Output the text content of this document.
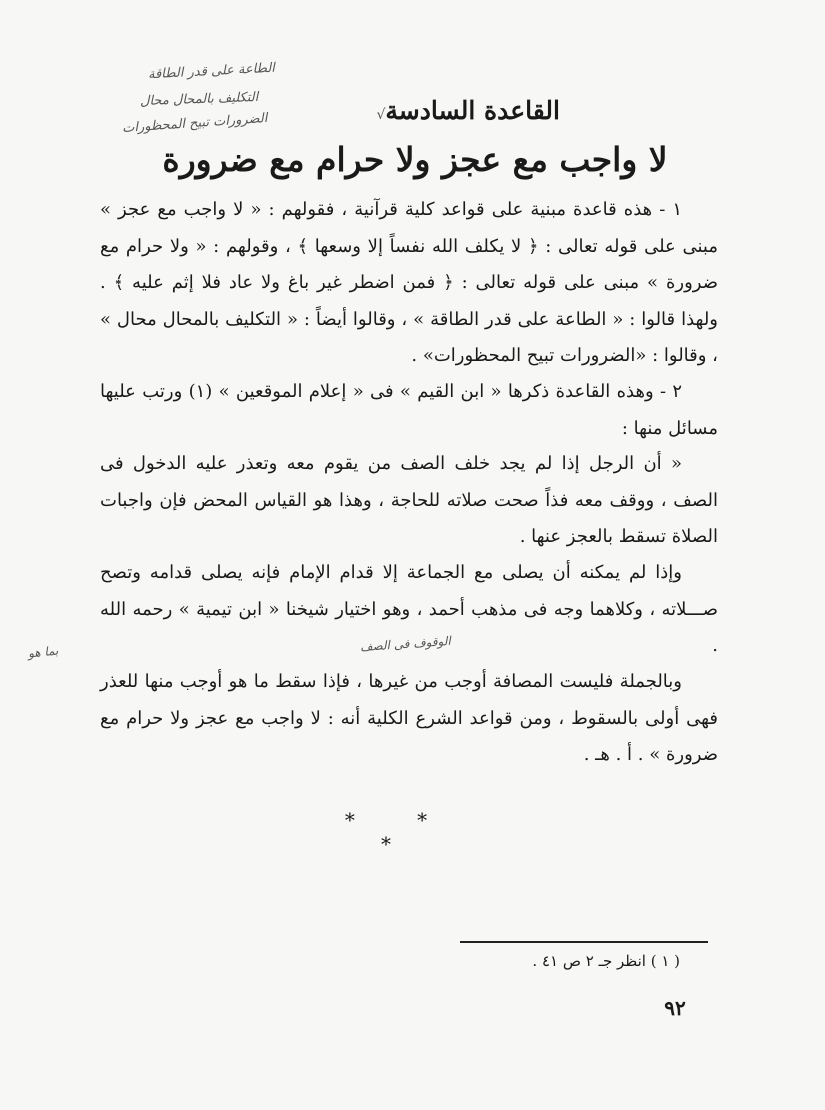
الطاعة على قدر الطاقة
التكليف بالمحال محال
الضرورات تبيح المحظورات	القاعدة السادسة√
لا واجب مع عجز ولا حرام مع ضرورة
١ - هذه قاعدة مبنية على قواعد كلية قرآنية ، فقولهم : « لا واجب مع عجز » مبنى على قوله تعالى : ﴿ لا يكلف الله نفساً إلا وسعها ﴾ ، وقولهم : « ولا حرام مع ضرورة » مبنى على قوله تعالى : ﴿ فمن اضطر غير باغ ولا عاد فلا إثم عليه ﴾ . ولهذا قالوا : « الطاعة على قدر الطاقة » ، وقالوا أيضاً : « التكليف بالمحال محال » ، وقالوا : «الضرورات تبيح المحظورات» .
٢ - وهذه القاعدة ذكرها « ابن القيم » فى « إعلام الموقعين » (١) ورتب عليها مسائل منها :
« أن الرجل إذا لم يجد خلف الصف من يقوم معه وتعذر عليه الدخول فى الصف ، ووقف معه فذاً صحت صلاته للحاجة ، وهذا هو القياس المحض فإن واجبات الصلاة تسقط بالعجز عنها .
وإذا لم يمكنه أن يصلى مع الجماعة إلا قدام الإمام فإنه يصلى قدامه وتصح صـــلاته ، وكلاهما وجه فى مذهب أحمد ، وهو اختيار شيخنا « ابن تيمية » رحمه الله .
الوقوف فى الصف
بما هو
وبالجملة فليست المصافة أوجب من غيرها ، فإذا سقط ما هو أوجب منها للعذر فهى أولى بالسقوط ، ومن قواعد الشرع الكلية أنه : لا واجب مع عجز ولا حرام مع ضرورة » . أ . هـ .
* * *
( ١ ) انظر جـ ٢ ص ٤١ .
٩٢
